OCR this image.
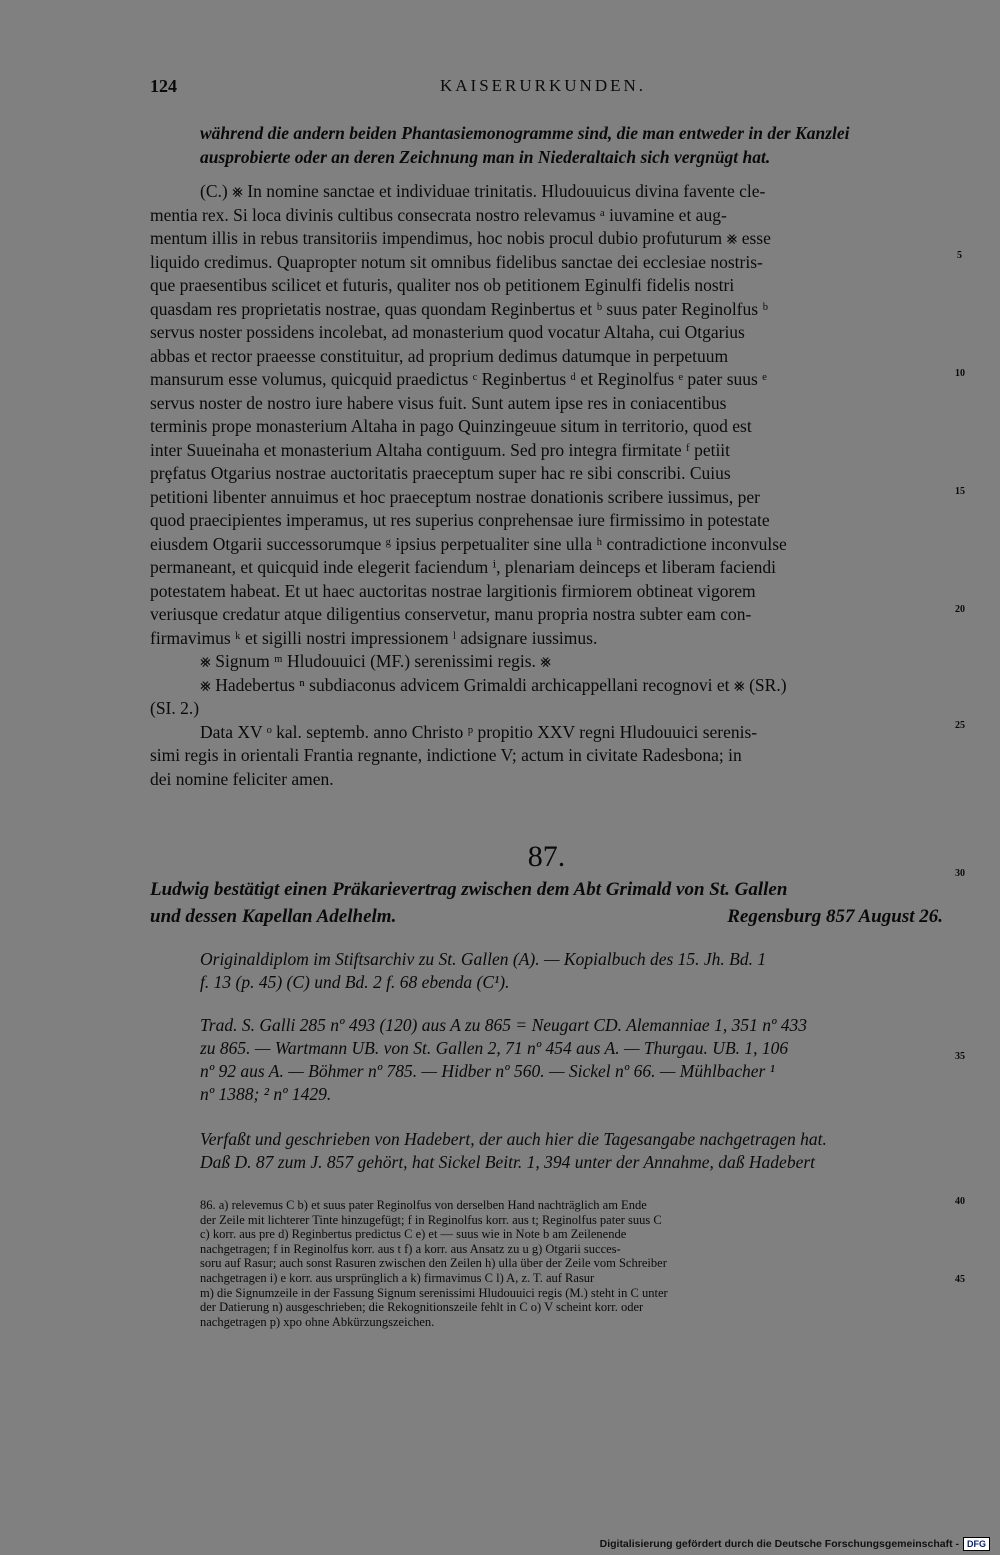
124	KAISERURKUNDEN.
während die andern beiden Phantasiemonogramme sind, die man entweder in der Kanzlei
ausprobierte oder an deren Zeichnung man in Niederaltaich sich vergnügt hat.
(C.) ⨳ In nomine sanctae et individuae trinitatis. Hludouuicus divina favente cle-
mentia rex. Si loca divinis cultibus consecrata nostro relevamus ᵃ iuvamine et aug-
mentum illis in rebus transitoriis impendimus, hoc nobis procul dubio profuturum ⨳ esse
liquido credimus. Quapropter notum sit omnibus fidelibus sanctae dei ecclesiae nostris-
que praesentibus scilicet et futuris, qualiter nos ob petitionem Eginulfi fidelis nostri
quasdam res proprietatis nostrae, quas quondam Reginbertus et ᵇ suus pater Reginolfus ᵇ
servus noster possidens incolebat, ad monasterium quod vocatur Altaha, cui Otgarius
abbas et rector praeesse constituitur, ad proprium dedimus datumque in perpetuum
mansurum esse volumus, quicquid praedictus ᶜ Reginbertus ᵈ et Reginolfus ᵉ pater suus ᵉ
servus noster de nostro iure habere visus fuit. Sunt autem ipse res in coniacentibus
terminis prope monasterium Altaha in pago Quinzingeuue situm in territorio, quod est
inter Suueinaha et monasterium Altaha contiguum. Sed pro integra firmitate ᶠ petiit
prȩfatus Otgarius nostrae auctoritatis praeceptum super hac re sibi conscribi. Cuius
petitioni libenter annuimus et hoc praeceptum nostrae donationis scribere iussimus, per
quod praecipientes imperamus, ut res superius conprehensae iure firmissimo in potestate
eiusdem Otgarii successorumque ᵍ ipsius perpetualiter sine ulla ʰ contradictione inconvulse
permaneant, et quicquid inde elegerit faciendum ⁱ, plenariam deinceps et liberam faciendi
potestatem habeat. Et ut haec auctoritas nostrae largitionis firmiorem obtineat vigorem
veriusque credatur atque diligentius conservetur, manu propria nostra subter eam con-
firmavimus ᵏ et sigilli nostri impressionem ˡ adsignare iussimus.
⨳ Signum ᵐ Hludouuici (MF.) serenissimi regis. ⨳
⨳ Hadebertus ⁿ subdiaconus advicem Grimaldi archicappellani recognovi et ⨳ (SR.)
(SI. 2.)
Data XV ᵒ kal. septemb. anno Christo ᵖ propitio XXV regni Hludouuici serenis-
simi regis in orientali Frantia regnante, indictione V; actum in civitate Radesbona; in
dei nomine feliciter amen.
5
10
15
20
25
30
35
40
45
87.
Ludwig bestätigt einen Präkarievertrag zwischen dem Abt Grimald von St. Gallen
und dessen Kapellan Adelhelm.	Regensburg 857 August 26.
Originaldiplom im Stiftsarchiv zu St. Gallen (A). — Kopialbuch des 15. Jh. Bd. 1
f. 13 (p. 45) (C) und Bd. 2 f. 68 ebenda (C¹).
Trad. S. Galli 285 nº 493 (120) aus A zu 865 = Neugart CD. Alemanniae 1, 351 nº 433
zu 865. — Wartmann UB. von St. Gallen 2, 71 nº 454 aus A. — Thurgau. UB. 1, 106
nº 92 aus A. — Böhmer nº 785. — Hidber nº 560. — Sickel nº 66. — Mühlbacher ¹
nº 1388; ² nº 1429.
Verfaßt und geschrieben von Hadebert, der auch hier die Tagesangabe nachgetragen hat.
Daß D. 87 zum J. 857 gehört, hat Sickel Beitr. 1, 394 unter der Annahme, daß Hadebert
86. a) relevemus C b) et suus pater Reginolfus von derselben Hand nachträglich am Ende
der Zeile mit lichterer Tinte hinzugefügt; f in Reginolfus korr. aus t; Reginolfus pater suus C
c) korr. aus pre d) Reginbertus predictus C e) et — suus wie in Note b am Zeilenende
nachgetragen; f in Reginolfus korr. aus t f) a korr. aus Ansatz zu u g) Otgarii succes-
soru auf Rasur; auch sonst Rasuren zwischen den Zeilen h) ulla über der Zeile vom Schreiber
nachgetragen i) e korr. aus ursprünglich a k) firmavimus C l) A, z. T. auf Rasur
m) die Signumzeile in der Fassung Signum serenissimi Hludouuici regis (M.) steht in C unter
der Datierung n) ausgeschrieben; die Rekognitionszeile fehlt in C o) V scheint korr. oder
nachgetragen p) xpo ohne Abkürzungszeichen.
Digitalisierung gefördert durch die Deutsche Forschungsgemeinschaft - DFG
